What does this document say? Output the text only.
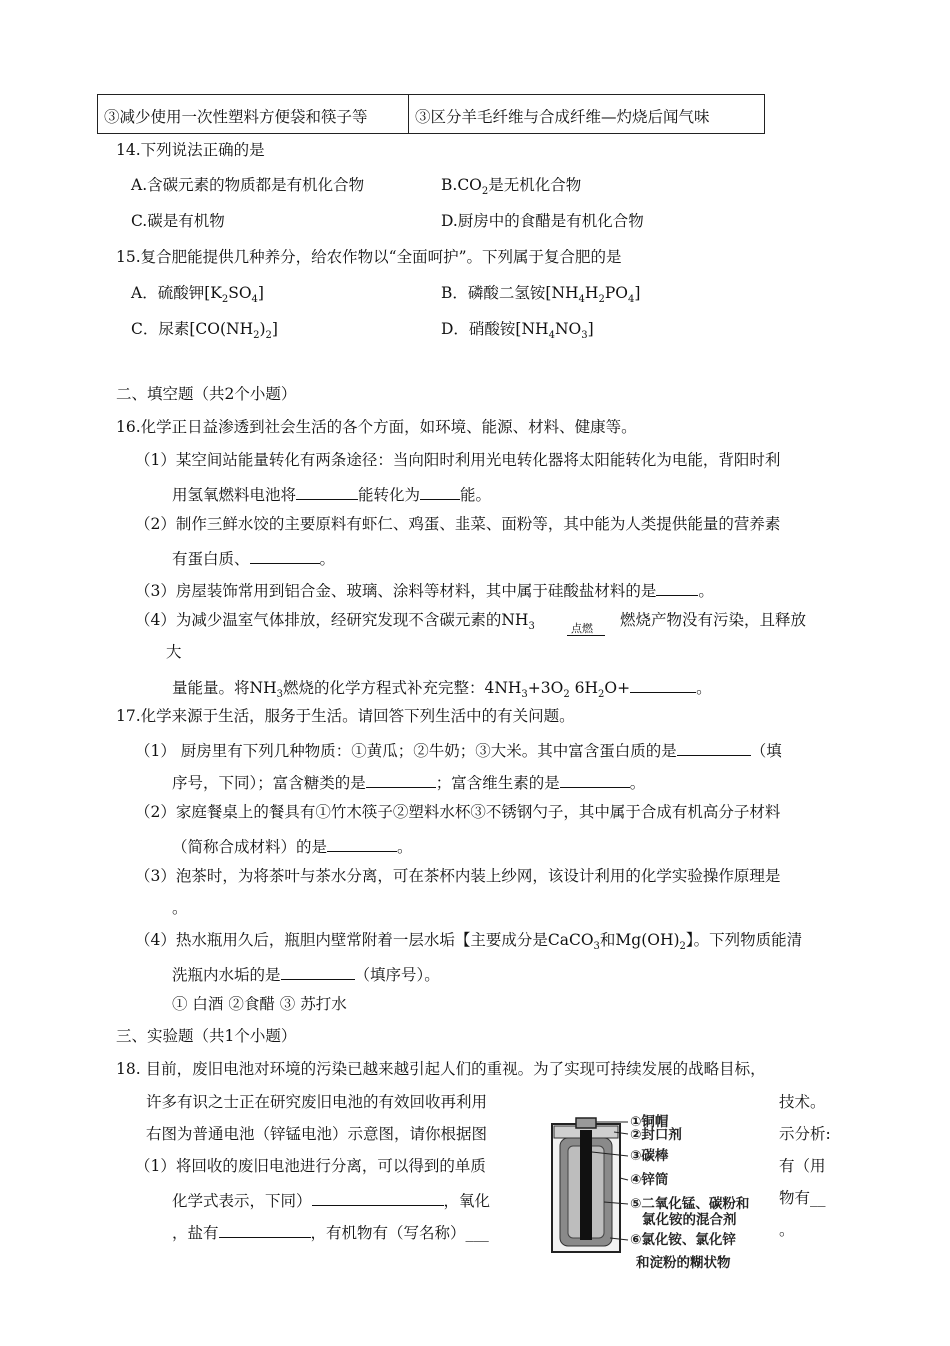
③减少使用一次性塑料方便袋和筷子等	③区分羊毛纤维与合成纤维—灼烧后闻气味
14.下列说法正确的是
A.含碳元素的物质都是有机化合物	$B.CO_2$是无机化合物
C.碳是有机物	D.厨房中的食醋是有机化合物
15.复合肥能提供几种养分，给农作物以“全面呵护”。下列属于复合肥的是
A．硫酸钾$[K_2SO_4]$	B．磷酸二氢铵$[NH_4H_2PO_4]$
C．尿素$[CO(NH_2)_2]$	D．硝酸铵$[NH_4NO_3]$
二、填空题（共2个小题）
16.化学正日益渗透到社会生活的各个方面，如环境、能源、材料、健康等。
（1）某空间站能量转化有两条途径：当向阳时利用光电转化器将太阳能转化为电能，背阳时利
用氢氧燃料电池将	能转化为	能。
（2）制作三鲜水饺的主要原料有虾仁、鸡蛋、韭菜、面粉等，其中能为人类提供能量的营养素
有蛋白质、	。
（3）房屋装饰常用到铝合金、玻璃、涂料等材料，其中属于硅酸盐材料的是	。
（4）为减少温室气体排放，经研究发现不含碳元素的$NH_3$	点燃 燃烧产物没有污染，且释放
大
量能量。将$NH_3$燃烧的化学方程式补充完整：$4NH_3+3O_2$ $6H_2O+$	。
17.化学来源于生活，服务于生活。请回答下列生活中的有关问题。
（1） 厨房里有下列几种物质：①黄瓜；②牛奶；③大米。其中富含蛋白质的是	（填
序号，下同）；富含糖类的是	；富含维生素的是	。
（2）家庭餐桌上的餐具有①竹木筷子②塑料水杯③不锈钢勺子，其中属于合成有机高分子材料
（简称合成材料）的是	。
（3）泡茶时，为将茶叶与茶水分离，可在茶杯内装上纱网，该设计利用的化学实验操作原理是
。
（4）热水瓶用久后，瓶胆内壁常附着一层水垢【主要成分是CaCO$_3$和$Mg(OH)_2$】。下列物质能清
洗瓶内水垢的是	（填序号）。
① 白酒 ②食醋 ③ 苏打水
三、实验题（共1个小题）
18. 目前，废旧电池对环境的污染已越来越引起人们的重视。为了实现可持续发展的战略目标，
许多有识之士正在研究废旧电池的有效回收再利用	技术。
右图为普通电池（锌锰电池）示意图，请你根据图	示分析:
（1）将回收的废旧电池进行分离，可以得到的单质	有（用
化学式表示，下同）	，氧化	物有__
，盐有	，有机物有（写名称）___	。
①铜帽
②封口剂
③碳棒
④锌筒
⑤二氧化锰、碳粉和
氯化铵的混合剂
⑥氯化铵、氯化锌
和淀粉的糊状物
